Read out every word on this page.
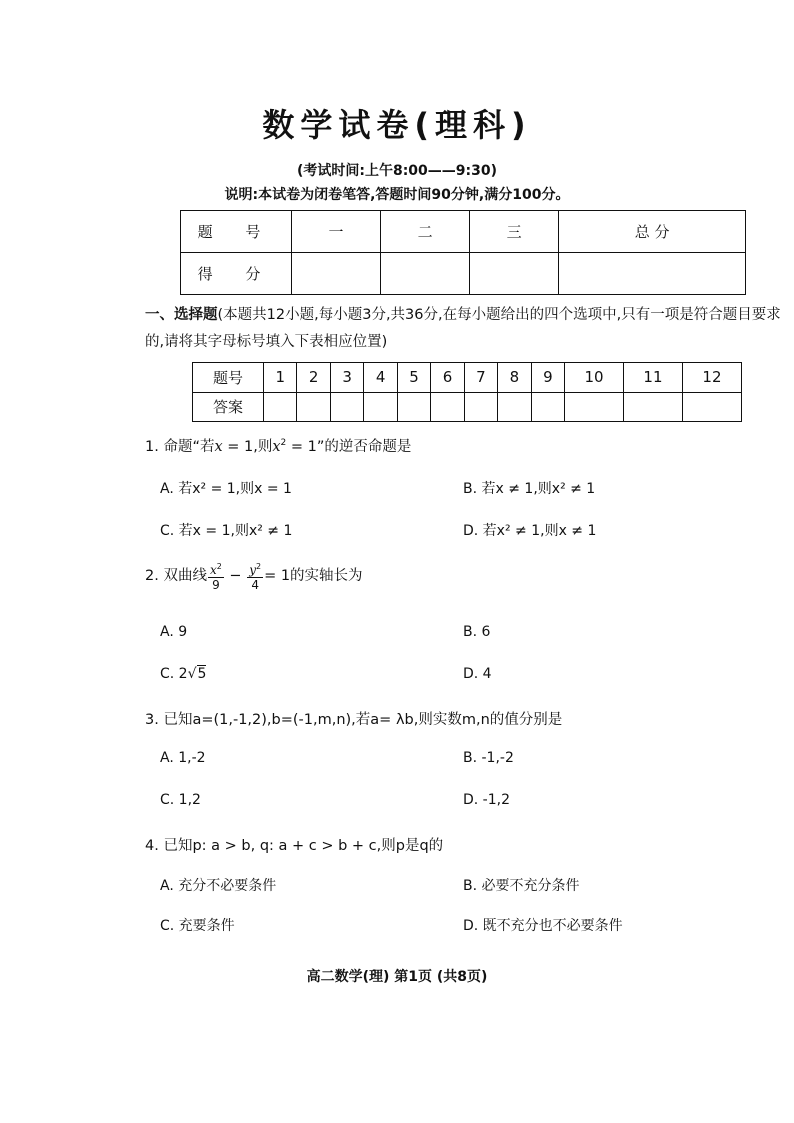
数学试卷(理科)
(考试时间:上午8:00——9:30)
说明:本试卷为闭卷笔答,答题时间90分钟,满分100分。
题 号	一	二	三	总 分
得 分				
一、选择题(本题共12小题,每小题3分,共36分,在每小题给出的四个选项中,只有一项是符合题目要求的,请将其字母标号填入下表相应位置)
题号	1	2	3	4	5	6	7	8	9	10	11	12
答案												
1. 命题“若x = 1,则$x^2 = 1$”的逆否命题是
A. 若x² = 1,则x = 1	B. 若x ≠ 1,则x² ≠ 1
C. 若x = 1,则x² ≠ 1	D. 若x² ≠ 1,则x ≠ 1
2. 双曲线 $\frac{x^2}{9} - \frac{y^2}{4} = 1$的实轴长为
A. 9	B. 6
C. 2√5	D. 4
3. 已知a=(1,-1,2),b=(-1,m,n),若a= λb,则实数m,n的值分别是
A. 1,-2	B. -1,-2
C. 1,2	D. -1,2
4. 已知p: a > b, q: a + c > b + c,则p是q的
A. 充分不必要条件	B. 必要不充分条件
C. 充要条件	D. 既不充分也不必要条件
高二数学(理) 第1页 (共8页)
